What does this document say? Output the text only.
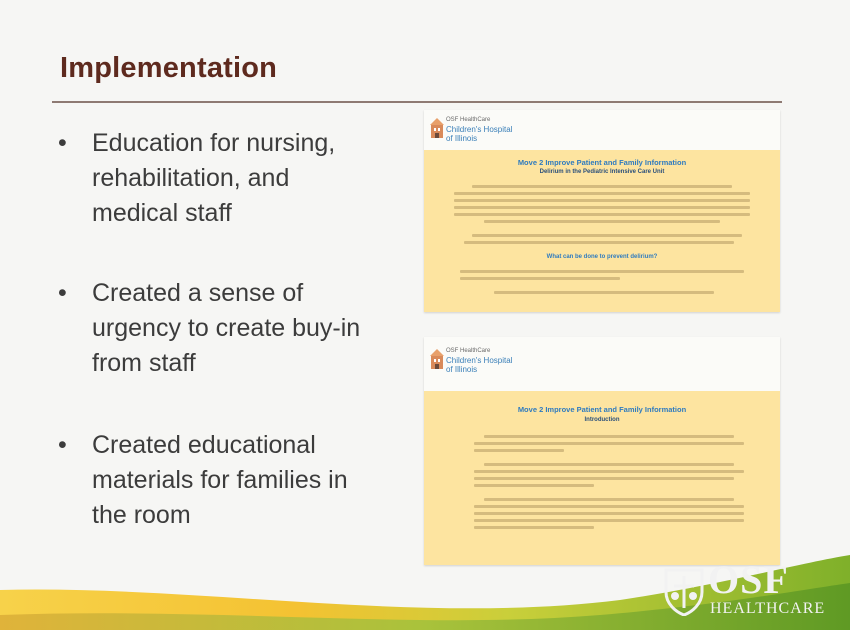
Implementation
• Education for nursing,
rehabilitation, and
medical staff
• Created a sense of
urgency to create buy-in
from staff
• Created educational
materials for families in
the room
OSF HealthCare
Children's Hospital
of Illinois
Move 2 Improve Patient and Family Information
Delirium in the Pediatric Intensive Care Unit
What can be done to prevent delirium?
OSF HealthCare
Children's Hospital
of Illinois
Move 2 Improve Patient and Family Information
Introduction
OSF
HEALTHCARE
